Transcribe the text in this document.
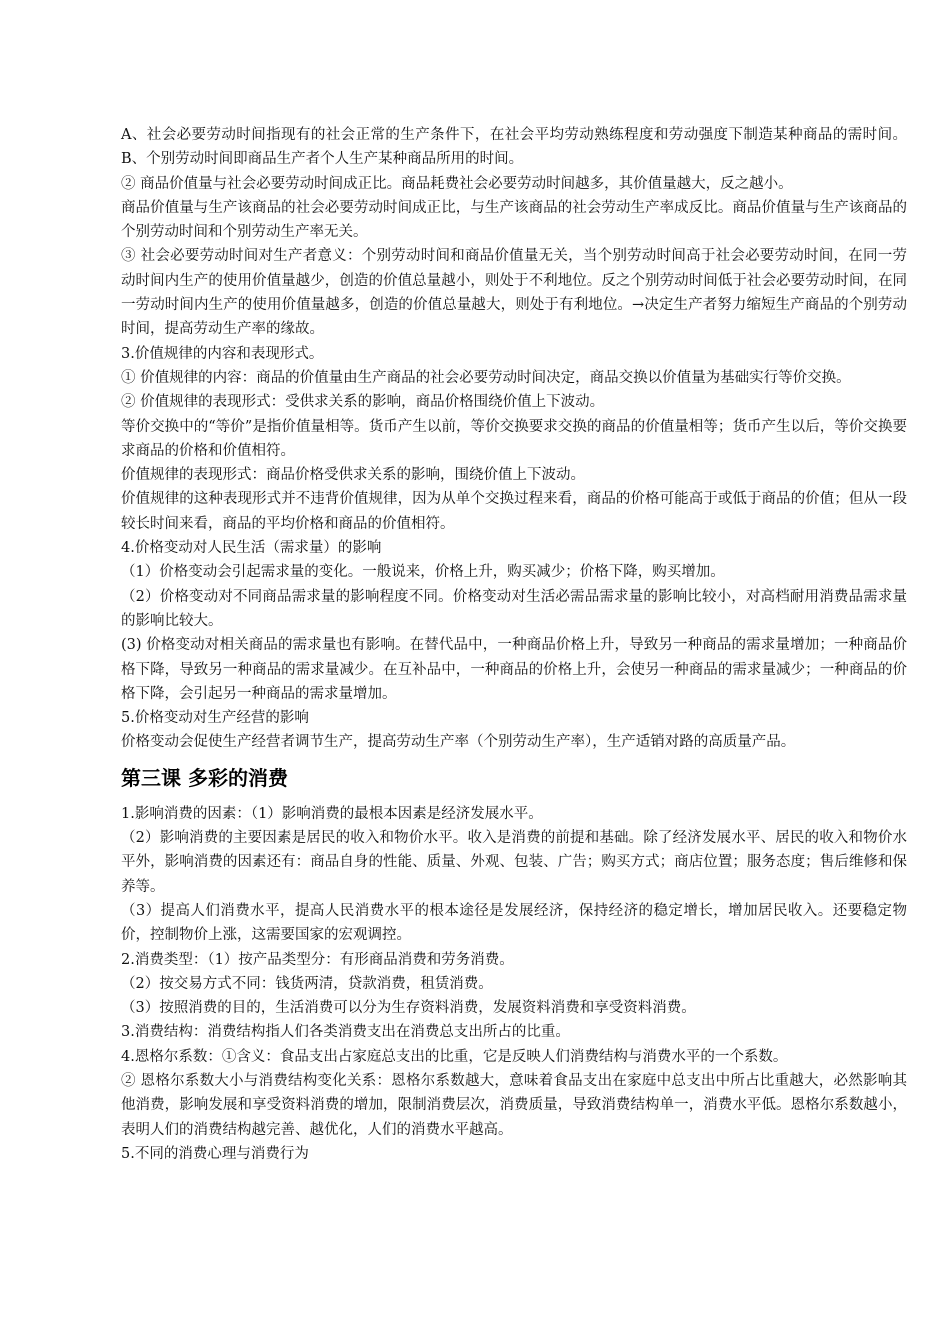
A、社会必要劳动时间指现有的社会正常的生产条件下，在社会平均劳动熟练程度和劳动强度下制造某种商品的需时间。B、个别劳动时间即商品生产者个人生产某种商品所用的时间。

② 商品价值量与社会必要劳动时间成正比。商品耗费社会必要劳动时间越多，其价值量越大，反之越小。

商品价值量与生产该商品的社会必要劳动时间成正比，与生产该商品的社会劳动生产率成反比。商品价值量与生产该商品的个别劳动时间和个别劳动生产率无关。

③ 社会必要劳动时间对生产者意义：个别劳动时间和商品价值量无关，当个别劳动时间高于社会必要劳动时间，在同一劳动时间内生产的使用价值量越少，创造的价值总量越小，则处于不利地位。反之个别劳动时间低于社会必要劳动时间，在同一劳动时间内生产的使用价值量越多，创造的价值总量越大，则处于有利地位。→决定生产者努力缩短生产商品的个别劳动时间，提高劳动生产率的缘故。

3.价值规律的内容和表现形式。

① 价值规律的内容：商品的价值量由生产商品的社会必要劳动时间决定，商品交换以价值量为基础实行等价交换。

② 价值规律的表现形式：受供求关系的影响，商品价格围绕价值上下波动。

等价交换中的“等价”是指价值量相等。货币产生以前，等价交换要求交换的商品的价值量相等；货币产生以后，等价交换要求商品的价格和价值相符。

价值规律的表现形式：商品价格受供求关系的影响，围绕价值上下波动。

价值规律的这种表现形式并不违背价值规律，因为从单个交换过程来看，商品的价格可能高于或低于商品的价值；但从一段较长时间来看，商品的平均价格和商品的价值相符。

4.价格变动对人民生活（需求量）的影响

（1）价格变动会引起需求量的变化。一般说来，价格上升，购买减少；价格下降，购买增加。

（2）价格变动对不同商品需求量的影响程度不同。价格变动对生活必需品需求量的影响比较小，对高档耐用消费品需求量的影响比较大。

(3) 价格变动对相关商品的需求量也有影响。在替代品中，一种商品价格上升，导致另一种商品的需求量增加；一种商品价格下降，导致另一种商品的需求量减少。在互补品中，一种商品的价格上升，会使另一种商品的需求量减少；一种商品的价格下降，会引起另一种商品的需求量增加。

5.价格变动对生产经营的影响

价格变动会促使生产经营者调节生产，提高劳动生产率（个别劳动生产率），生产适销对路的高质量产品。

第三课 多彩的消费

1.影响消费的因素：（1）影响消费的最根本因素是经济发展水平。

（2）影响消费的主要因素是居民的收入和物价水平。收入是消费的前提和基础。除了经济发展水平、居民的收入和物价水平外，影响消费的因素还有：商品自身的性能、质量、外观、包装、广告；购买方式；商店位置；服务态度；售后维修和保养等。

（3）提高人们消费水平，提高人民消费水平的根本途径是发展经济，保持经济的稳定增长，增加居民收入。还要稳定物价，控制物价上涨，这需要国家的宏观调控。

2.消费类型：（1）按产品类型分：有形商品消费和劳务消费。

（2）按交易方式不同：钱货两清，贷款消费，租赁消费。

（3）按照消费的目的，生活消费可以分为生存资料消费，发展资料消费和享受资料消费。

3.消费结构：消费结构指人们各类消费支出在消费总支出所占的比重。

4.恩格尔系数：①含义：食品支出占家庭总支出的比重，它是反映人们消费结构与消费水平的一个系数。

② 恩格尔系数大小与消费结构变化关系：恩格尔系数越大，意味着食品支出在家庭中总支出中所占比重越大，必然影响其他消费，影响发展和享受资料消费的增加，限制消费层次，消费质量，导致消费结构单一，消费水平低。恩格尔系数越小，表明人们的消费结构越完善、越优化，人们的消费水平越高。

5.不同的消费心理与消费行为
